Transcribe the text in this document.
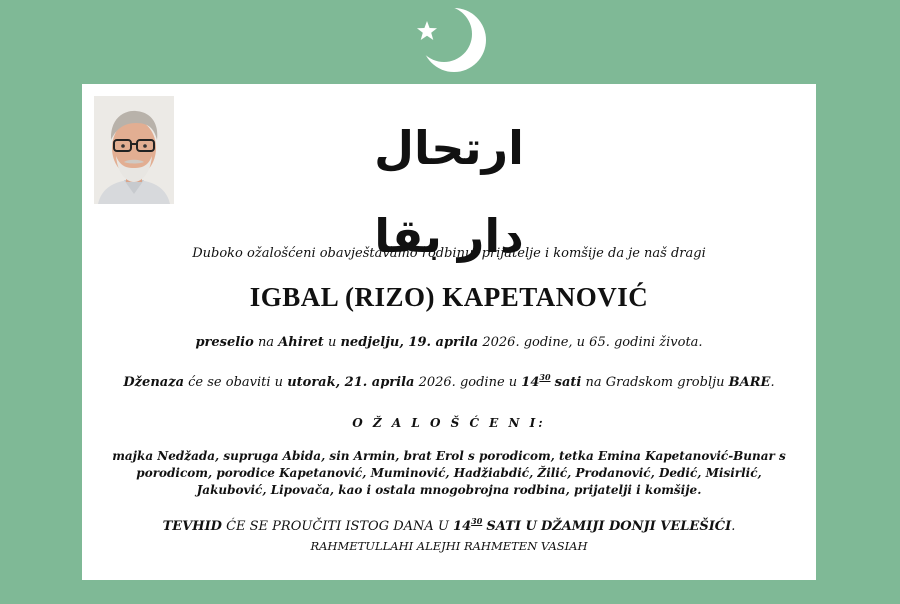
ارتحال دار بقا
Duboko ožalošćeni obavještavamo rodbinu, prijatelje i komšije da je naš dragi
IGBAL (RIZO) KAPETANOVIĆ
preselio na Ahiret u nedjelju, 19. aprila 2026. godine, u 65. godini života.
Dženaza će se obaviti u utorak, 21. aprila 2026. godine u $14^{30}$ sati na Gradskom groblju BARE.
O Ž A L O Š Ć E N I:
majka Nedžada, supruga Abida, sin Armin, brat Erol s porodicom, tetka Emina Kapetanović-Bunar s porodicom, porodice Kapetanović, Muminović, Hadžiabdić, Žilić, Prodanović, Dedić, Misirlić, Jakubović, Lipovača, kao i ostala mnogobrojna rodbina, prijatelji i komšije.
TEVHID ĆE SE PROUČITI ISTOG DANA U $14^{30}$ SATI U DŽAMIJI DONJI VELEŠIĆI.
RAHMETULLAHI ALEJHI RAHMETEN VASIAH
